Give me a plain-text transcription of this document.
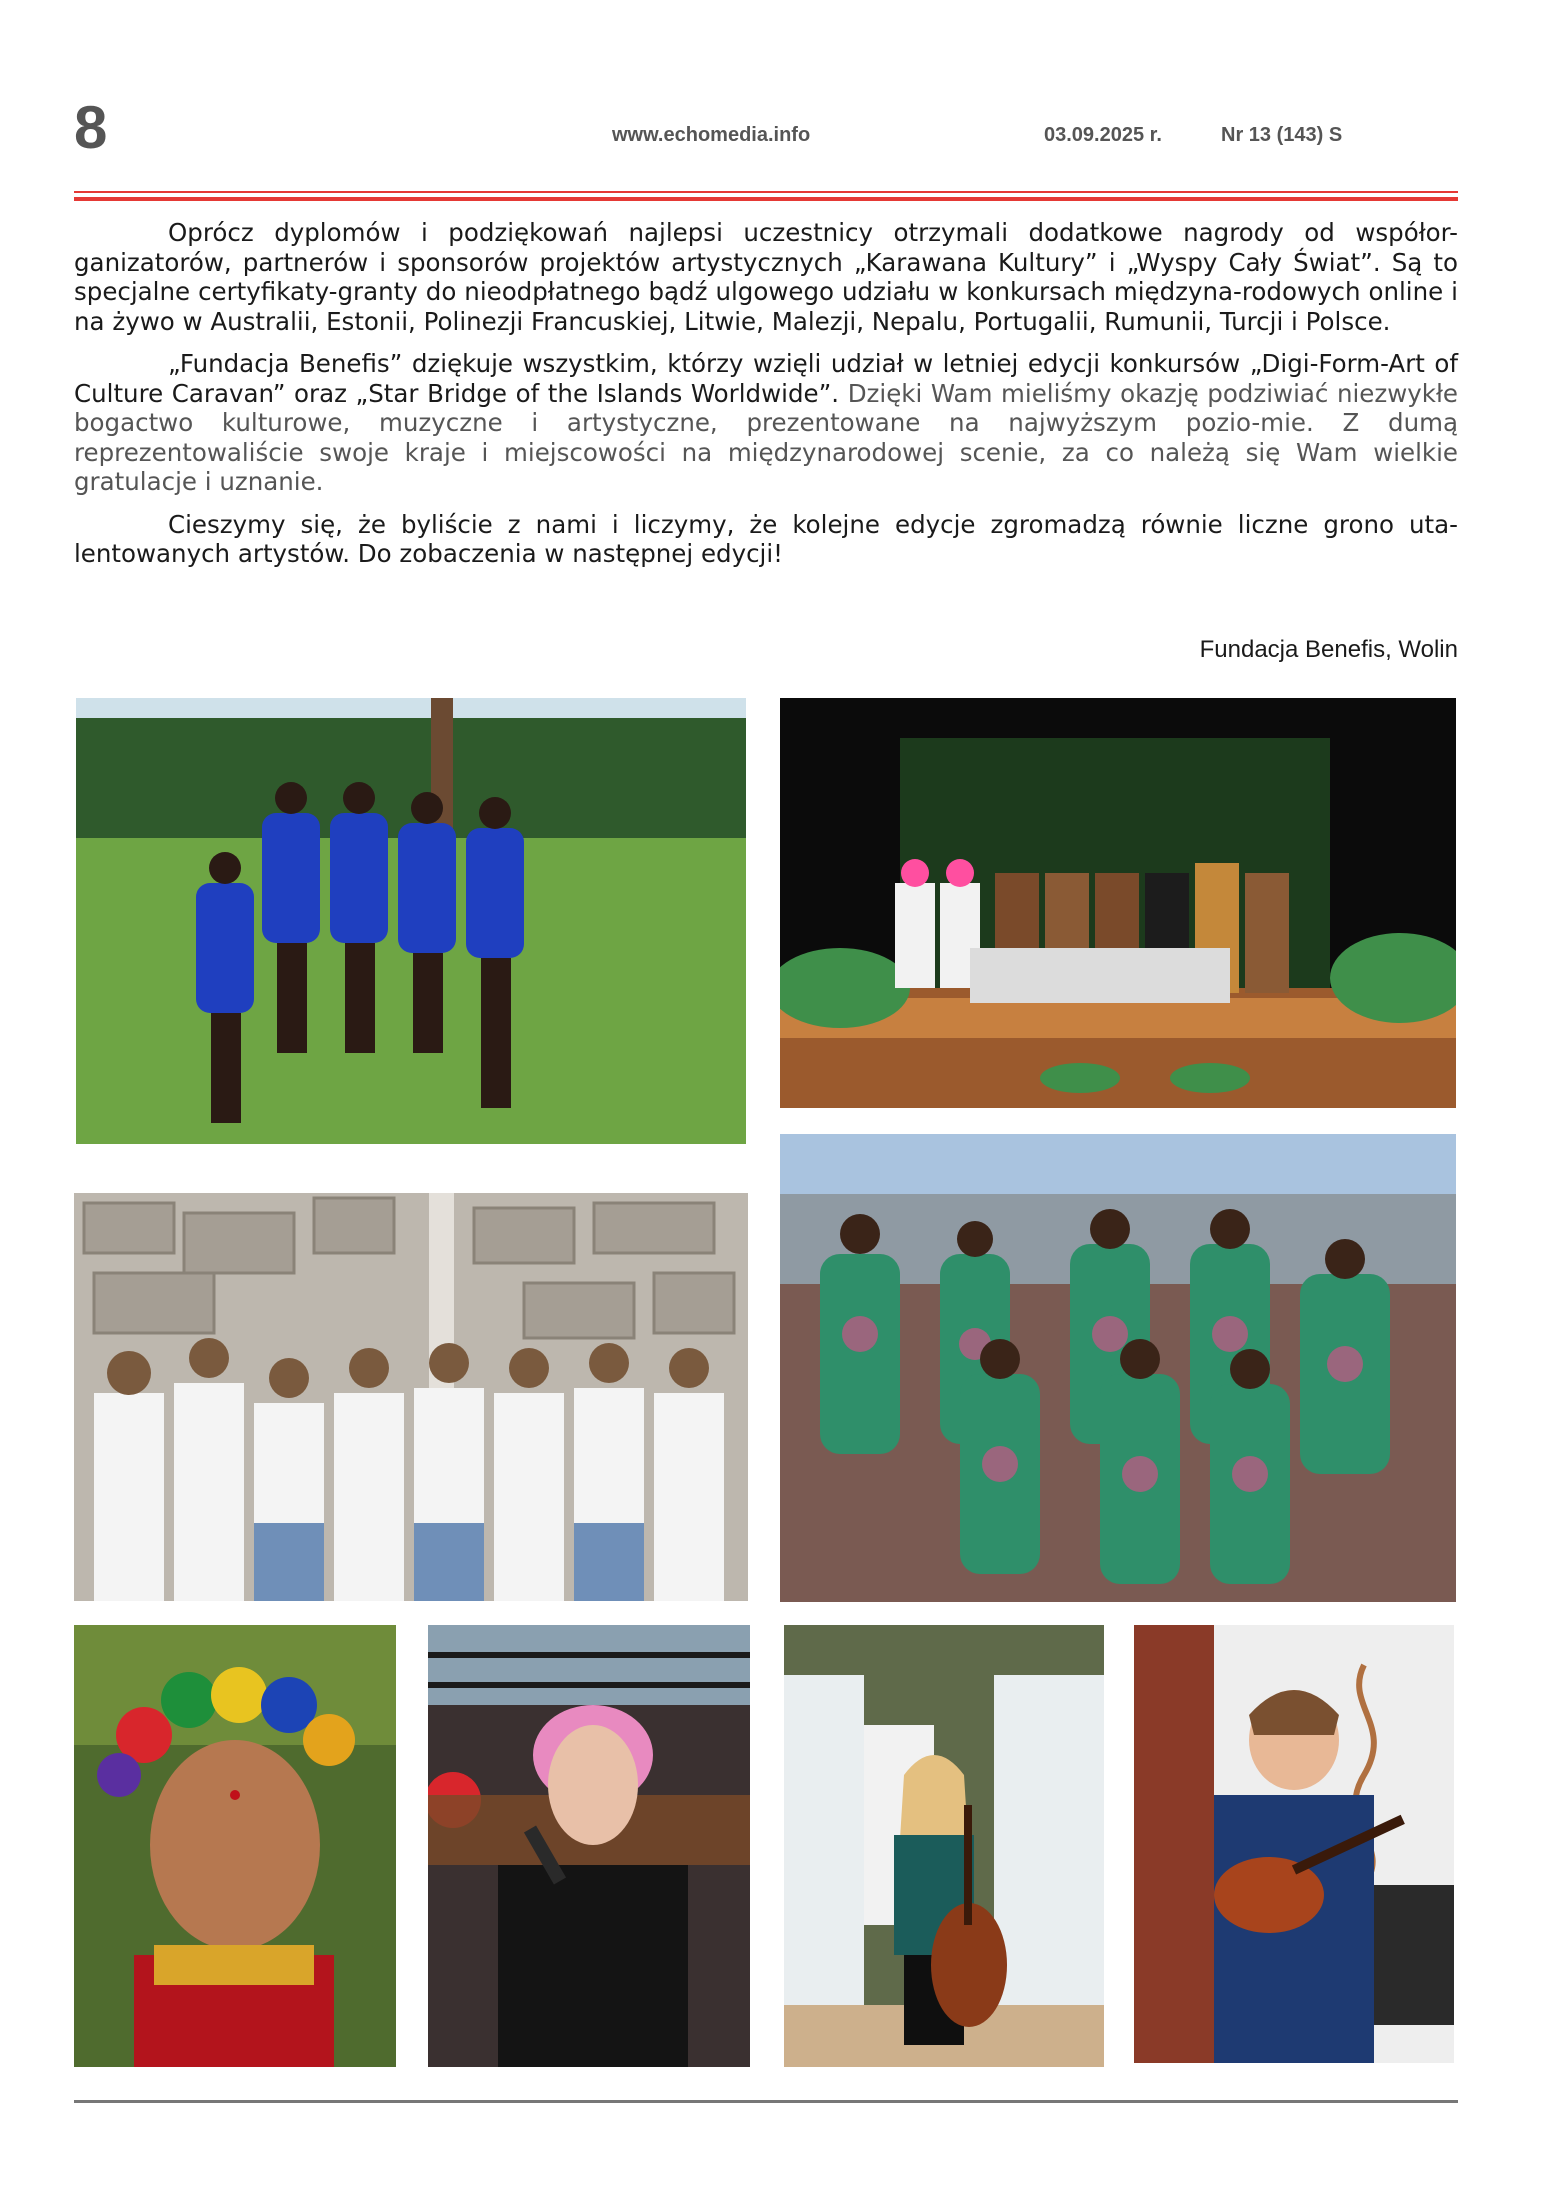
8	www.echomedia.info	03.09.2025 r.	Nr 13 (143) S

Oprócz dyplomów i podziękowań najlepsi uczestnicy otrzymali dodatkowe nagrody od współor-ganizatorów, partnerów i sponsorów projektów artystycznych „Karawana Kultury” i „Wyspy Cały Świat”. Są to specjalne certyfikaty-granty do nieodpłatnego bądź ulgowego udziału w konkursach międzyna-rodowych online i na żywo w Australii, Estonii, Polinezji Francuskiej, Litwie, Malezji, Nepalu, Portugalii, Rumunii, Turcji i Polsce.

„Fundacja Benefis” dziękuje wszystkim, którzy wzięli udział w letniej edycji konkursów „Digi-Form-Art of Culture Caravan” oraz „Star Bridge of the Islands Worldwide”. Dzięki Wam mieliśmy okazję podziwiać niezwykłe bogactwo kulturowe, muzyczne i artystyczne, prezentowane na najwyższym pozio-mie. Z dumą reprezentowaliście swoje kraje i miejscowości na międzynarodowej scenie, za co należą się Wam wielkie gratulacje i uznanie.

Cieszymy się, że byliście z nami i liczymy, że kolejne edycje zgromadzą równie liczne grono uta-lentowanych artystów. Do zobaczenia w następnej edycji!

Fundacja Benefis, Wolin
